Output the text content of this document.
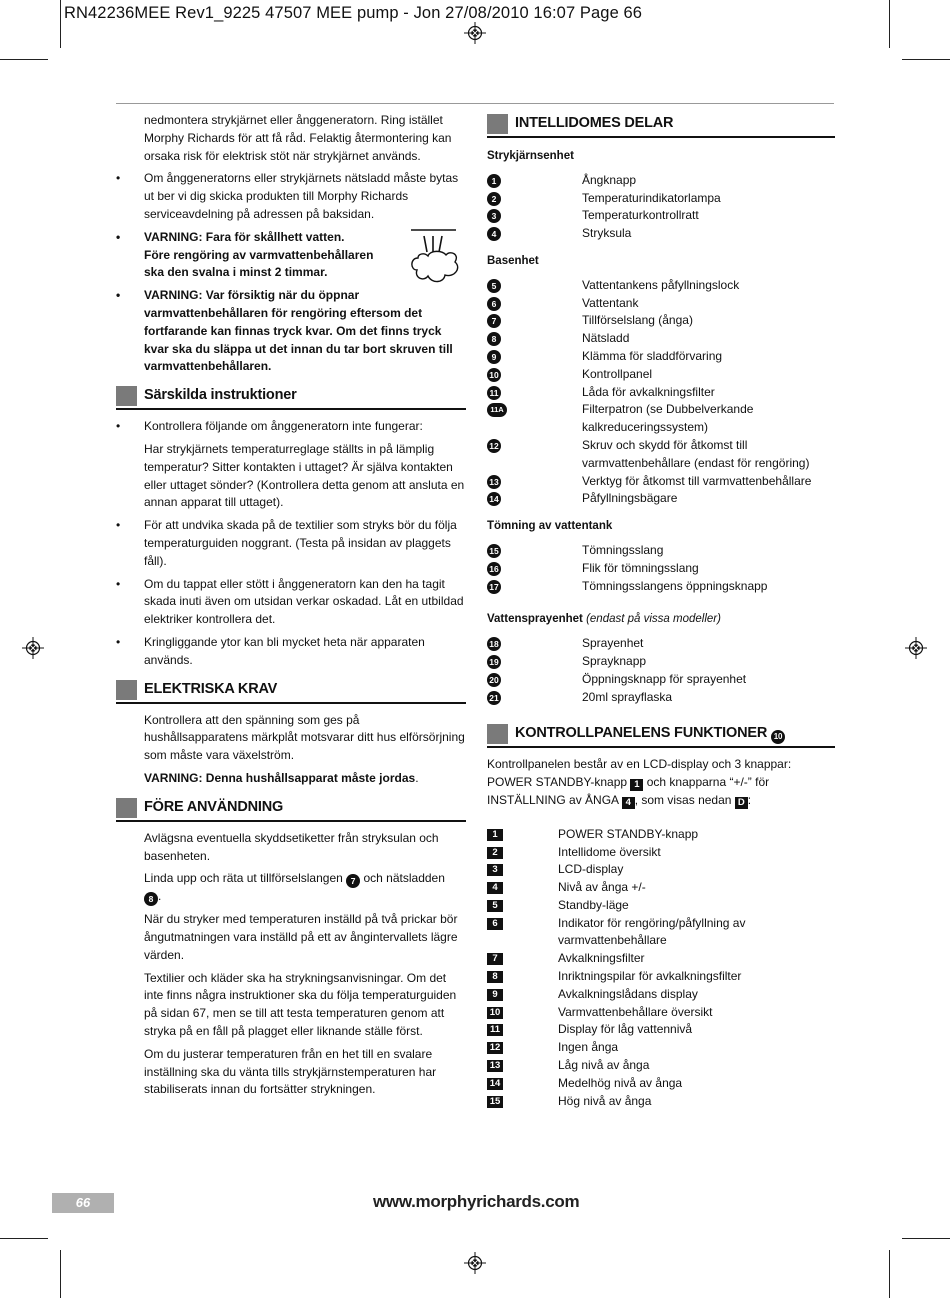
RN42236MEE Rev1_9225 47507 MEE pump - Jon 27/08/2010 16:07 Page 66

nedmontera strykjärnet eller ånggeneratorn. Ring istället Morphy Richards för att få råd. Felaktig återmontering kan orsaka risk för elektrisk stöt när strykjärnet används.

• Om ånggeneratorns eller strykjärnets nätsladd måste bytas ut ber vi dig skicka produkten till Morphy Richards serviceavdelning på adressen på baksidan.
• VARNING: Fara för skållhett vatten.
Före rengöring av varmvattenbehållaren ska den svalna i minst 2 timmar.
• VARNING: Var försiktig när du öppnar varmvattenbehållaren för rengöring eftersom det fortfarande kan finnas tryck kvar. Om det finns tryck kvar ska du släppa ut det innan du tar bort skruven till varmvattenbehållaren.
Särskilda instruktioner
• Kontrollera följande om ånggeneratorn inte fungerar:

Har strykjärnets temperaturreglage ställts in på lämplig temperatur? Sitter kontakten i uttaget? Är själva kontakten eller uttaget sönder? (Kontrollera detta genom att ansluta en annan apparat till uttaget).

• För att undvika skada på de textilier som stryks bör du följa temperaturguiden noggrant. (Testa på insidan av plaggets fåll).
• Om du tappat eller stött i ånggeneratorn kan den ha tagit skada inuti även om utsidan verkar oskadad. Låt en utbildad elektriker kontrollera det.
• Kringliggande ytor kan bli mycket heta när apparaten används.
ELEKTRISKA KRAV

Kontrollera att den spänning som ges på hushållsapparatens märkplåt motsvarar ditt hus elförsörjning som måste vara växelström.

VARNING: Denna hushållsapparat måste jordas.

FÖRE ANVÄNDNING

Avlägsna eventuella skyddsetiketter från stryksulan och basenheten.

Linda upp och räta ut tillförselslangen 7 och nätsladden
8 .

När du stryker med temperaturen inställd på två prickar bör ångutmatningen vara inställd på ett av ångintervallets lägre värden.

Textilier och kläder ska ha strykningsanvisningar. Om det inte finns några instruktioner ska du följa temperaturguiden på sidan 67, men se till att testa temperaturen genom att stryka på en fåll på plagget eller liknande ställe först.

Om du justerar temperaturen från en het till en svalare inställning ska du vänta tills strykjärnstemperaturen har stabiliserats innan du fortsätter strykningen.

INTELLIDOMES DELAR
Strykjärnsenhet
1	Ångknapp
2	Temperaturindikatorlampa
3	Temperaturkontrollratt
4	Stryksula
Basenhet
5	Vattentankens påfyllningslock
6	Vattentank
7	Tillförselslang (ånga)
8	Nätsladd
9	Klämma för sladdförvaring
10	Kontrollpanel
11	Låda för avkalkningsfilter
11A	Filterpatron (se Dubbelverkande kalkreduceringssystem)
12	Skruv och skydd för åtkomst till varmvattenbehållare (endast för rengöring)
13	Verktyg för åtkomst till varmvattenbehållare
14	Påfyllningsbägare
Tömning av vattentank
15	Tömningsslang
16	Flik för tömningsslang
17	Tömningsslangens öppningsknapp
Vattensprayenhet (endast på vissa modeller)
18	Sprayenhet
19	Sprayknapp
20	Öppningsknapp för sprayenhet
21	20ml sprayflaska
KONTROLLPANELENS FUNKTIONER 10

Kontrollpanelen består av en LCD-display och 3 knappar: POWER STANDBY-knapp 1 och knapparna “+/-” för INSTÄLLNING av ÅNGA 4 , som visas nedan D :

1	POWER STANDBY-knapp
2	Intellidome översikt
3	LCD-display
4	Nivå av ånga +/-
5	Standby-läge
6	Indikator för rengöring/påfyllning av varmvattenbehållare
7	Avkalkningsfilter
8	Inriktningspilar för avkalkningsfilter
9	Avkalkningslådans display
10	Varmvattenbehållare översikt
11	Display för låg vattennivå
12	Ingen ånga
13	Låg nivå av ånga
14	Medelhög nivå av ånga
15	Hög nivå av ånga
66	www.morphyrichards.com
